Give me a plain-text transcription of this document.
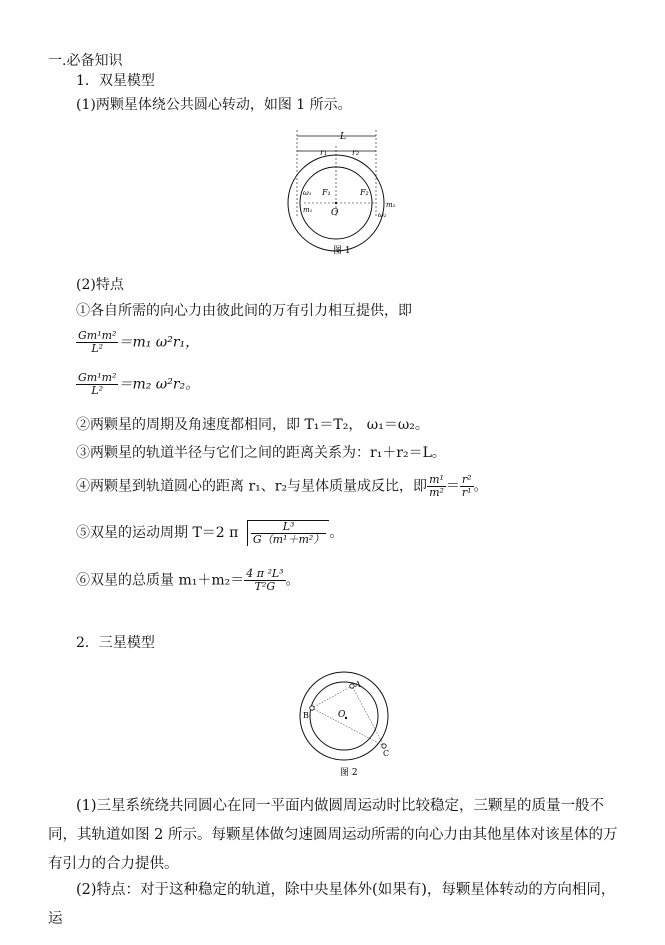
一.必备知识
1．双星模型
(1)两颗星体绕公共圆心转动，如图 1 所示。
L
r₁	r₂
O
F₁	F₂
ω₁
m₁
m₂
ω₂
图 1
(2)特点
①各自所需的向心力由彼此间的万有引力相互提供，即
$\frac{\text{Gm¹m²}}{\text{L²}} =m_1$ ω²r₁，
$\frac{\text{Gm¹m²}}{\text{L²}} =m_2$ ω²r₂。
②两颗星的周期及角速度都相同，即 T₁＝T₂， ω₁＝ω₂。
③两颗星的轨道半径与它们之间的距离关系为：r₁＋r₂＝L。
④两颗星到轨道圆心的距离 r₁、r₂与星体质量成反比，即 $\frac{\text{m¹}}{\text{m²}} = \frac{\text{r²}}{\text{r¹}}$ 。
⑤双星的运动周期 T＝2 π $\frac{\text{L³}}{\text{G（m¹＋m²）}}$ 。
⑥双星的总质量 $m_1+m_2= \frac{\text{4 π ²L³}}{\text{T²G}}$ 。
2．三星模型
A
B
C
O
图 2
(1)三星系统绕共同圆心在同一平面内做圆周运动时比较稳定，三颗星的质量一般不同，其轨道如图 2 所示。每颗星体做匀速圆周运动所需的向心力由其他星体对该星体的万有引力的合力提供。
(2)特点：对于这种稳定的轨道，除中央星体外(如果有)，每颗星体转动的方向相同，运
